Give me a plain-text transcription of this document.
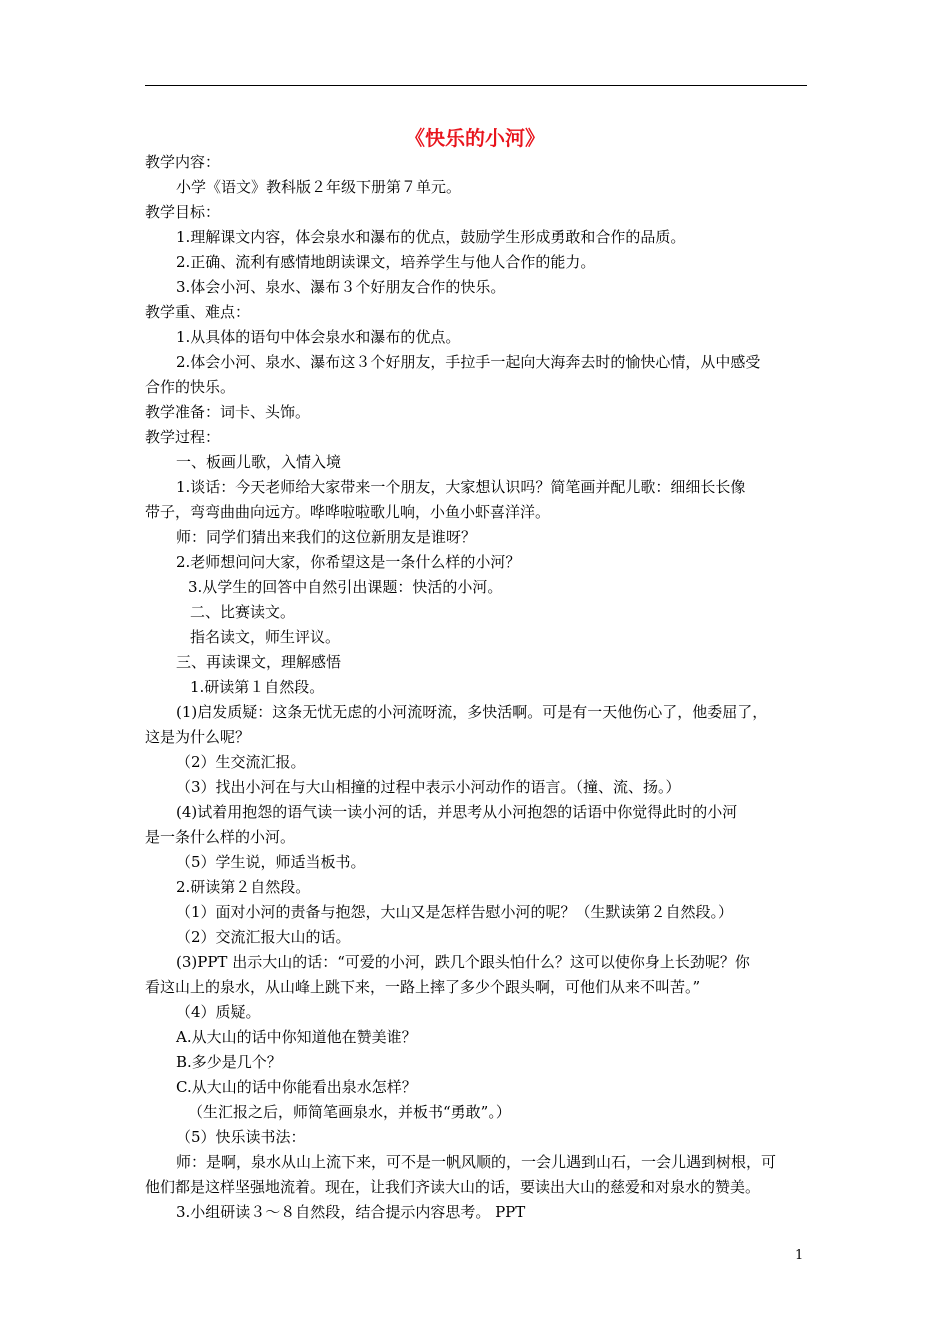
《快乐的小河》
教学内容：
小学《语文》教科版２年级下册第７单元。
教学目标：
1.理解课文内容，体会泉水和瀑布的优点，鼓励学生形成勇敢和合作的品质。
2.正确、流利有感情地朗读课文，培养学生与他人合作的能力。
3.体会小河、泉水、瀑布３个好朋友合作的快乐。
教学重、难点：
1.从具体的语句中体会泉水和瀑布的优点。
2.体会小河、泉水、瀑布这３个好朋友，手拉手一起向大海奔去时的愉快心情，从中感受
合作的快乐。
教学准备：词卡、头饰。
教学过程：
一、板画儿歌，入情入境
1.谈话：今天老师给大家带来一个朋友，大家想认识吗？简笔画并配儿歌：细细长长像
带子，弯弯曲曲向远方。哗哗啦啦歌儿响，小鱼小虾喜洋洋。
师：同学们猜出来我们的这位新朋友是谁呀？
2.老师想问问大家，你希望这是一条什么样的小河？
3.从学生的回答中自然引出课题：快活的小河。
二、比赛读文。
指名读文，师生评议。
三、再读课文，理解感悟
1.研读第１自然段。
(1)启发质疑：这条无忧无虑的小河流呀流，多快活啊。可是有一天他伤心了，他委屈了，
这是为什么呢？
（2）生交流汇报。
（3）找出小河在与大山相撞的过程中表示小河动作的语言。（撞、流、扬。）
(4)试着用抱怨的语气读一读小河的话，并思考从小河抱怨的话语中你觉得此时的小河
是一条什么样的小河。
（5）学生说，师适当板书。
2.研读第２自然段。
（1）面对小河的责备与抱怨，大山又是怎样告慰小河的呢？（生默读第２自然段。）
（2）交流汇报大山的话。
(3)PPT 出示大山的话：“可爱的小河，跌几个跟头怕什么？这可以使你身上长劲呢？你
看这山上的泉水，从山峰上跳下来，一路上摔了多少个跟头啊，可他们从来不叫苦。”
（4）质疑。
A.从大山的话中你知道他在赞美谁？
B.多少是几个？
C.从大山的话中你能看出泉水怎样？
（生汇报之后，师简笔画泉水，并板书“勇敢”。）
（5）快乐读书法：
师：是啊，泉水从山上流下来，可不是一帆风顺的，一会儿遇到山石，一会儿遇到树根，可
他们都是这样坚强地流着。现在，让我们齐读大山的话，要读出大山的慈爱和对泉水的赞美。
3.小组研读３～８自然段，结合提示内容思考。 PPT
1
